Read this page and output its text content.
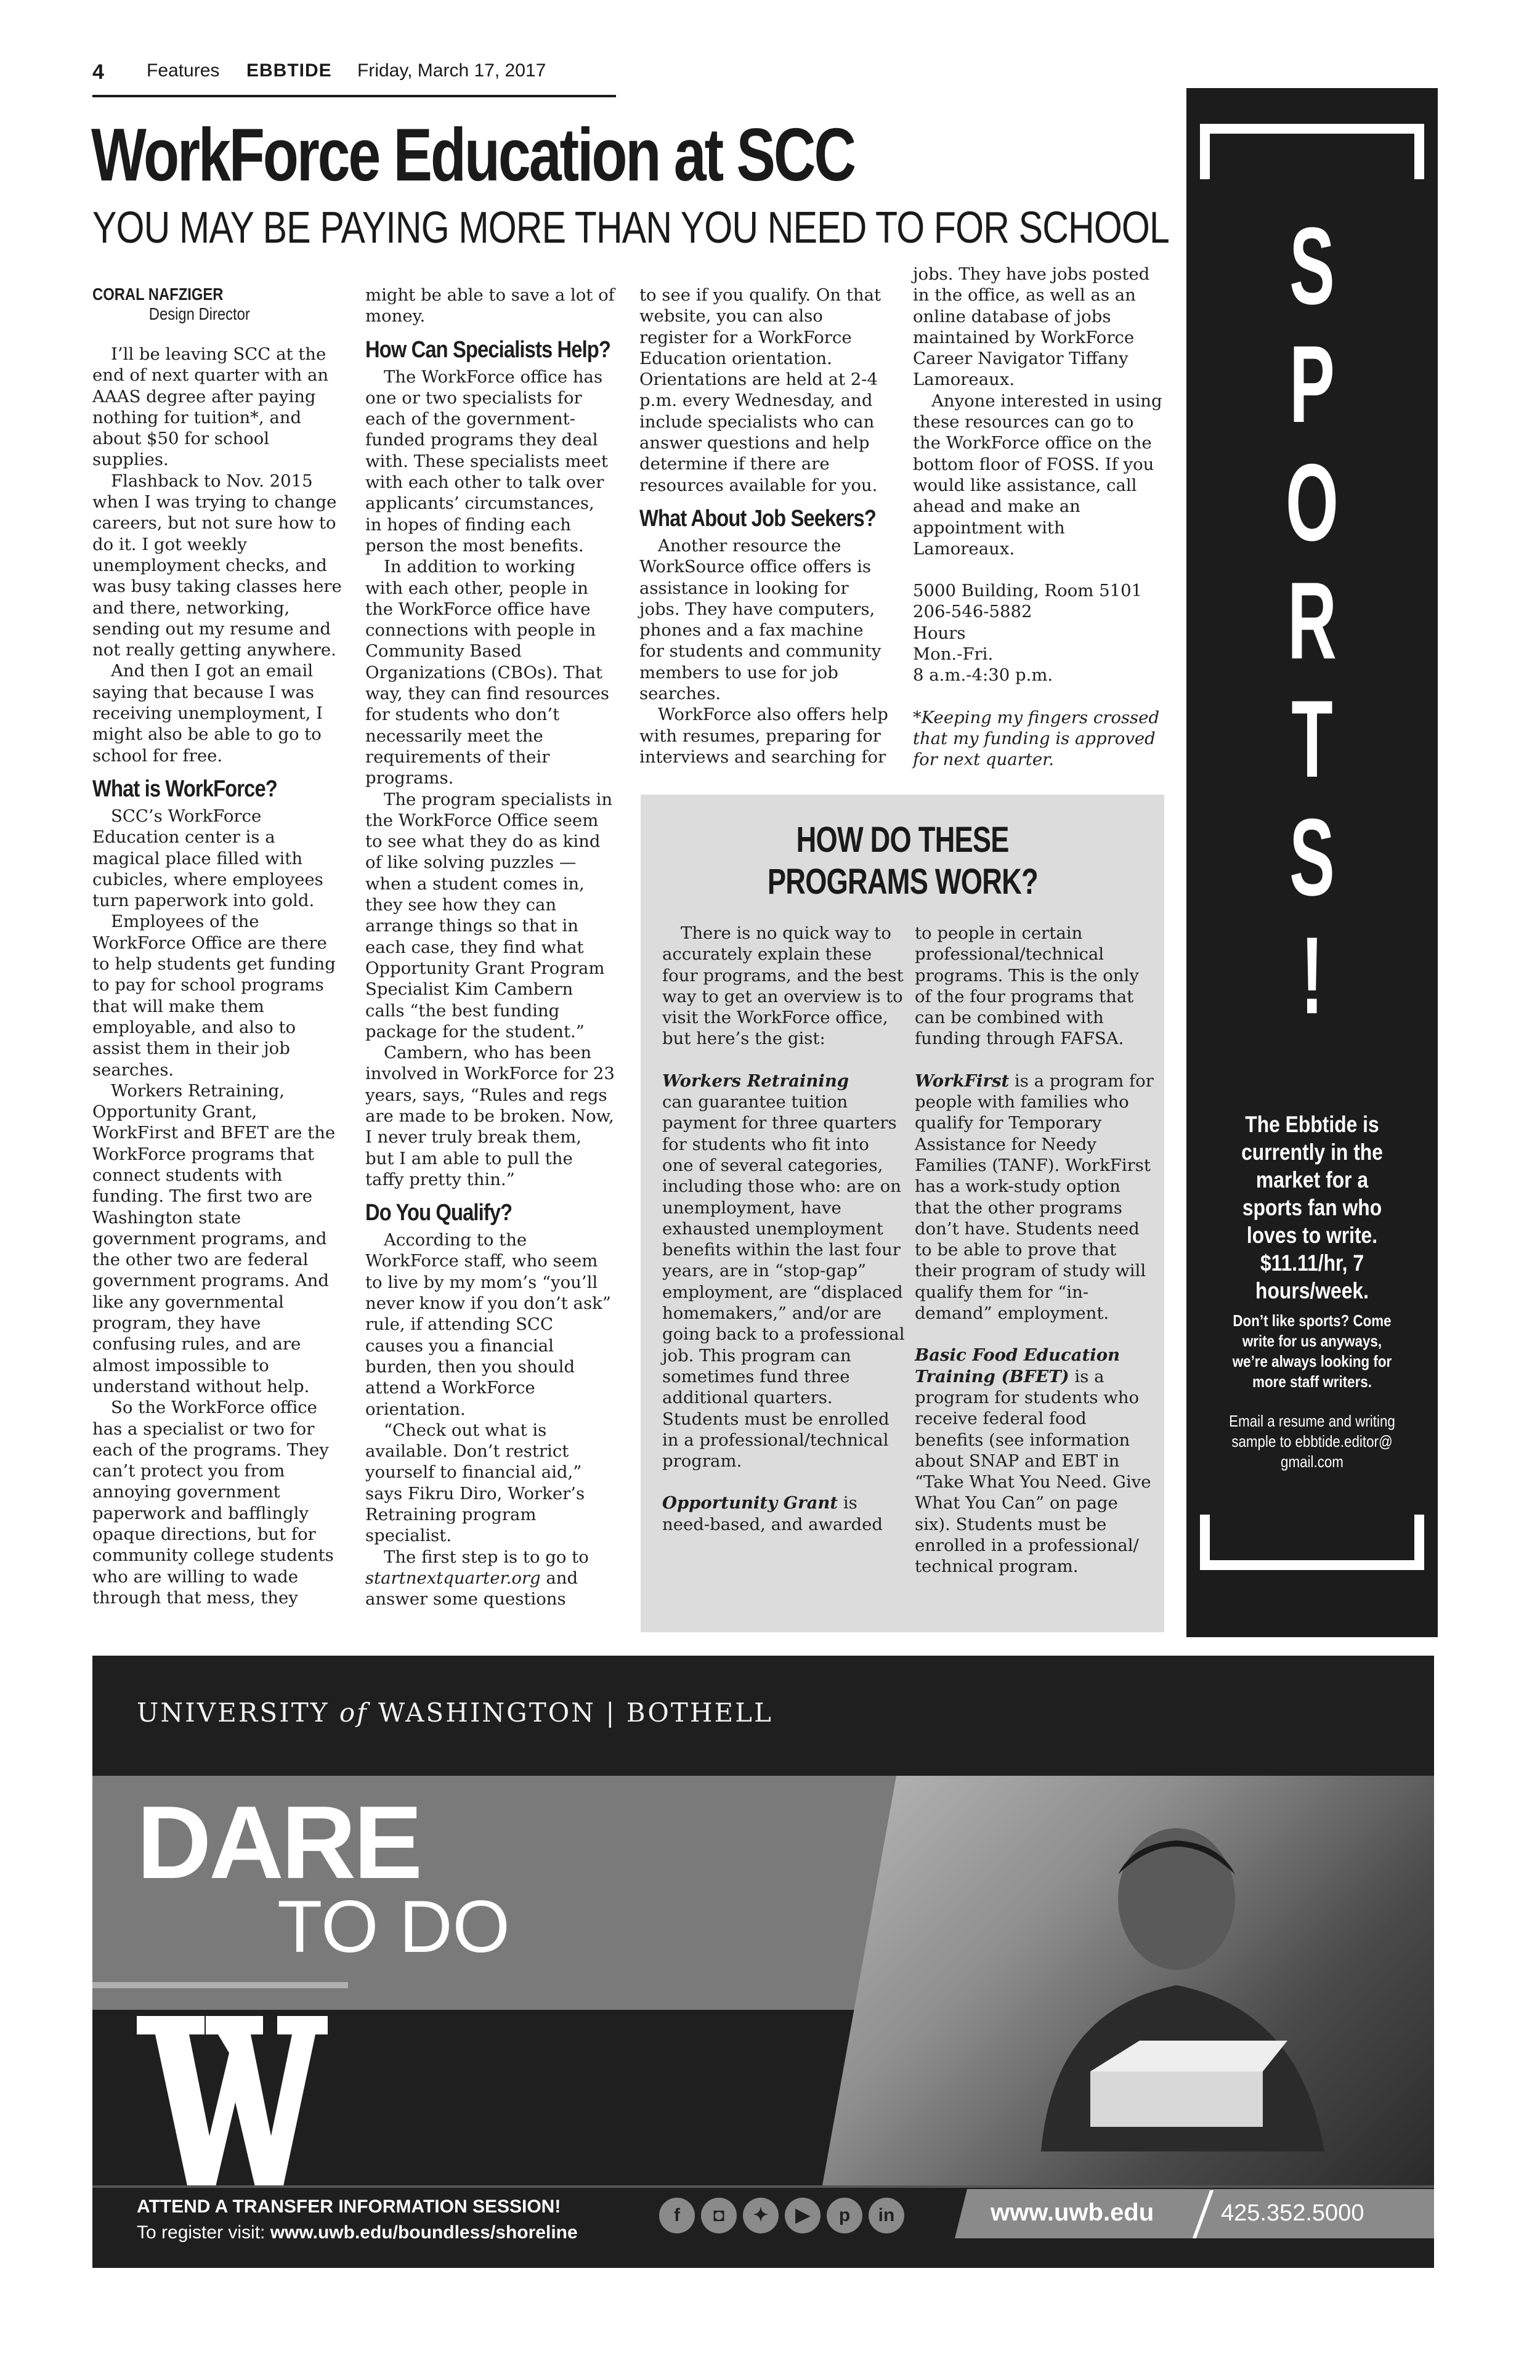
4 Features EBBTIDE Friday, March 17, 2017
WorkForce Education at SCC
YOU MAY BE PAYING MORE THAN YOU NEED TO FOR SCHOOL
CORAL NAFZIGER
Design Director

I’ll be leaving SCC at the end of next quarter with an AAAS degree after paying nothing for tuition*, and about $50 for school supplies.

Flashback to Nov. 2015 when I was trying to change careers, but not sure how to do it. I got weekly unemployment checks, and was busy taking classes here and there, networking, sending out my resume and not really getting anywhere.

And then I got an email saying that because I was receiving unemployment, I might also be able to go to school for free.

What is WorkForce?

SCC’s WorkForce Education center is a magical place filled with cubicles, where employees turn paperwork into gold.

Employees of the WorkForce Office are there to help students get funding to pay for school programs that will make them employable, and also to assist them in their job searches.

Workers Retraining, Opportunity Grant, WorkFirst and BFET are the WorkForce programs that connect students with funding. The first two are Washington state government programs, and the other two are federal government programs. And like any governmental program, they have confusing rules, and are almost impossible to understand without help.

So the WorkForce office has a specialist or two for each of the programs. They can’t protect you from annoying government paperwork and bafflingly opaque directions, but for community college students who are willing to wade through that mess, they

might be able to save a lot of money.

How Can Specialists Help?

The WorkForce office has one or two specialists for each of the government-funded programs they deal with. These specialists meet with each other to talk over applicants’ circumstances, in hopes of finding each person the most benefits.

In addition to working with each other, people in the WorkForce office have connections with people in Community Based Organizations (CBOs). That way, they can find resources for students who don’t necessarily meet the requirements of their programs.

The program specialists in the WorkForce Office seem to see what they do as kind of like solving puzzles — when a student comes in, they see how they can arrange things so that in each case, they find what Opportunity Grant Program Specialist Kim Cambern calls “the best funding package for the student.”

Cambern, who has been involved in WorkForce for 23 years, says, “Rules and regs are made to be broken. Now, I never truly break them, but I am able to pull the taffy pretty thin.”

Do You Qualify?

According to the WorkForce staff, who seem to live by my mom’s “you’ll never know if you don’t ask” rule, if attending SCC causes you a financial burden, then you should attend a WorkForce orientation.

“Check out what is available. Don’t restrict yourself to financial aid,” says Fikru Diro, Worker’s Retraining program specialist.

The first step is to go to startnextquarter.org and answer some questions

to see if you qualify. On that website, you can also register for a WorkForce Education orientation. Orientations are held at 2-4 p.m. every Wednesday, and include specialists who can answer questions and help determine if there are resources available for you.

What About Job Seekers?

Another resource the WorkSource office offers is assistance in looking for jobs. They have computers, phones and a fax machine for students and community members to use for job searches.

WorkForce also offers help with resumes, preparing for interviews and searching for

jobs. They have jobs posted in the office, as well as an online database of jobs maintained by WorkForce Career Navigator Tiffany Lamoreaux.

Anyone interested in using these resources can go to the WorkForce office on the bottom floor of FOSS. If you would like assistance, call ahead and make an appointment with Lamoreaux.

5000 Building, Room 5101

206-546-5882

Hours

Mon.-Fri.

8 a.m.-4:30 p.m.

*Keeping my fingers crossed that my funding is approved for next quarter.

HOW DO THESE
PROGRAMS WORK?

There is no quick way to accurately explain these four programs, and the best way to get an overview is to visit the WorkForce office, but here’s the gist:

Workers Retraining
can guarantee tuition payment for three quarters for students who fit into one of several categories, including those who: are on unemployment, have exhausted unemployment benefits within the last four years, are in “stop-gap” employment, are “displaced homemakers,” and/or are going back to a professional job. This program can sometimes fund three additional quarters. Students must be enrolled in a professional/technical program.

Opportunity Grant is need-based, and awarded

to people in certain professional/technical programs. This is the only of the four programs that can be combined with funding through FAFSA.

WorkFirst is a program for people with families who qualify for Temporary Assistance for Needy Families (TANF). WorkFirst has a work-study option that the other programs don’t have. Students need to be able to prove that their program of study will qualify them for “in-demand” employment.

Basic Food Education Training (BFET) is a program for students who receive federal food benefits (see information about SNAP and EBT in “Take What You Need. Give What You Can” on page six). Students must be enrolled in a professional/ technical program.

S
P
O
R
T
S
!
The Ebbtide is currently in the market for a sports fan who loves to write. $11.11/hr, 7 hours/week.
Don’t like sports? Come write for us anyways, we’re always looking for more staff writers.
Email a resume and writing sample to ebbtide.editor@ gmail.com
UNIVERSITY of WASHINGTON | BOTHELL
DARE
TO DO
ATTEND A TRANSFER INFORMATION SESSION!
To register visit: www.uwb.edu/boundless/shoreline
f	◘	✦	▶	p	in	www.uwb.edu	425.352.5000
